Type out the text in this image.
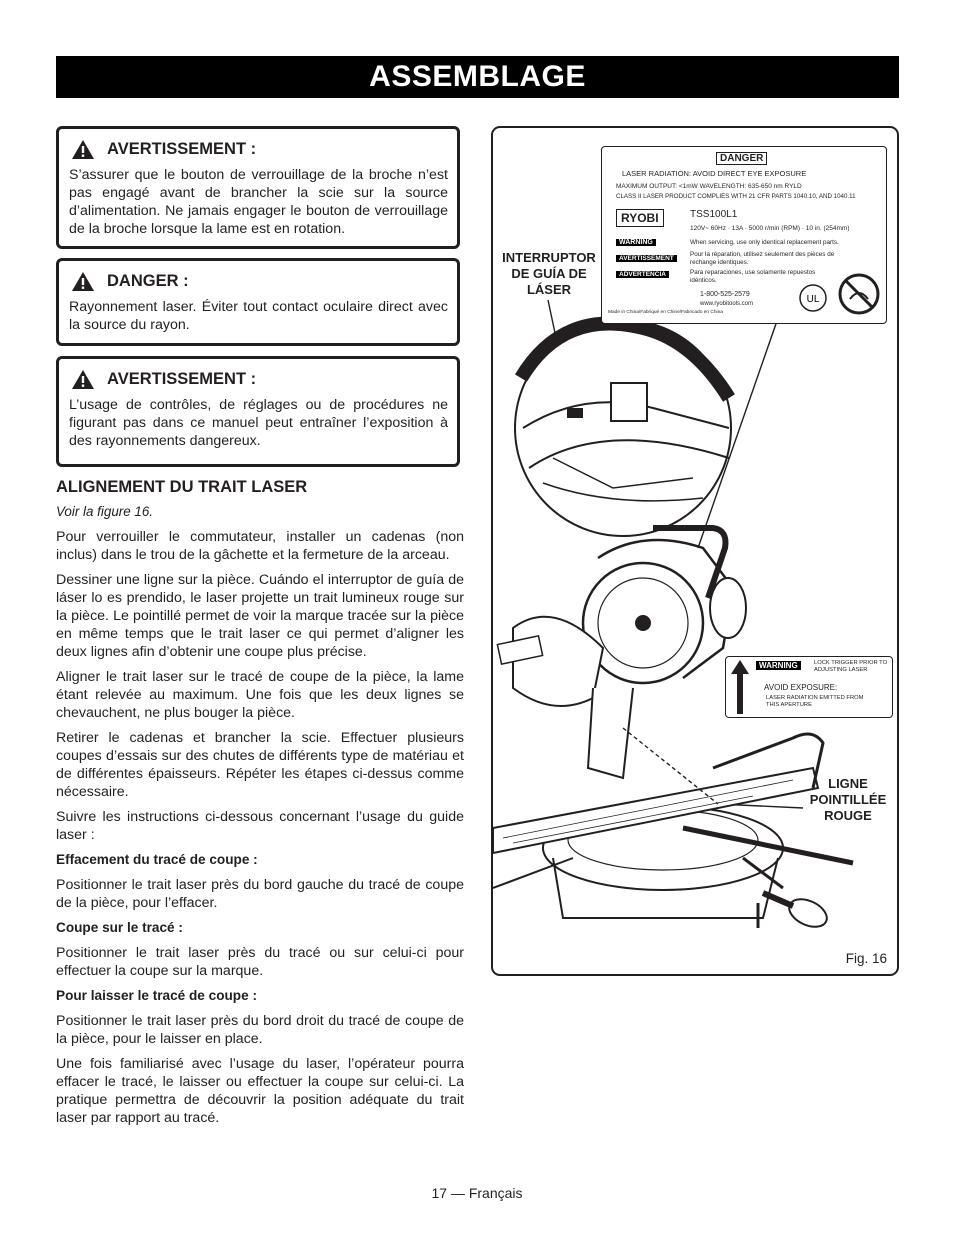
ASSEMBLAGE
AVERTISSEMENT :
S’assurer que le bouton de verrouillage de la broche n’est pas engagé avant de brancher la scie sur la source d’alimentation. Ne jamais engager le bouton de verrouillage de la broche lorsque la lame est en rotation.
DANGER :
Rayonnement laser. Éviter tout contact oculaire direct avec la source du rayon.
AVERTISSEMENT :
L’usage de contrôles, de réglages ou de procédures ne figurant pas dans ce manuel peut entraîner l’exposition à des rayonnements dangereux.

ALIGNEMENT DU TRAIT LASER

Voir la figure 16.

Pour verrouiller le commutateur, installer un cadenas (non inclus) dans le trou de la gâchette et la fermeture de la arceau.

Dessiner une ligne sur la pièce. Cuándo el interruptor de guía de láser lo es prendido, le laser projette un trait lumineux rouge sur la pièce. Le pointillé permet de voir la marque tracée sur la pièce en même temps que le trait laser ce qui permet d’aligner les deux lignes afin d’obtenir une coupe plus précise.

Aligner le trait laser sur le tracé de coupe de la pièce, la lame étant relevée au maximum. Une fois que les deux lignes se chevauchent, ne plus bouger la pièce.

Retirer le cadenas et brancher la scie. Effectuer plusieurs coupes d’essais sur des chutes de différents type de matériau et de différentes épaisseurs. Répéter les étapes ci-dessus comme nécessaire.

Suivre les instructions ci-dessous concernant l’usage du guide laser :

Effacement du tracé de coupe :

Positionner le trait laser près du bord gauche du tracé de coupe de la pièce, pour l’effacer.

Coupe sur le tracé :

Positionner le trait laser près du tracé ou sur celui-ci pour effectuer la coupe sur la marque.

Pour laisser le tracé de coupe :

Positionner le trait laser près du bord droit du tracé de coupe de la pièce, pour le laisser en place.

Une fois familiarisé avec l’usage du laser, l’opérateur pourra effacer le tracé, le laisser ou effectuer la coupe sur celui-ci. La pratique permettra de découvrir la position adéquate du trait laser par rapport au tracé.

DANGER
LASER RADIATION: AVOID DIRECT EYE EXPOSURE
MAXIMUM OUTPUT: <1mW WAVELENGTH: 635-650 nm RYLD
CLASS II LASER PRODUCT COMPLIES WITH 21 CFR PARTS 1040.10, AND 1040.11
RYOBI	TSS100L1
120V~ 60Hz · 13A · 5000 r/min (RPM) · 10 in. (254mm)
WARNING	When servicing, use only identical replacement parts.
AVERTISSEMENT
Pour la réparation, utilisez seulement des pièces de rechange identiques.
ADVERTENCIA	Para reparaciones, use solamente repuestos idénticos.
1-800-525-2579
www.ryobitools.com
Made in China/Fabriqué en Chine/Fabricado en China
UL
WARNING	LOCK TRIGGER PRIOR TO ADJUSTING LASER
AVOID EXPOSURE:
LASER RADIATION EMITTED FROM THIS APERTURE
INTERRUPTOR DE GUÍA DE LÁSER
LIGNE POINTILLÉE ROUGE
Fig. 16
17 — Français
